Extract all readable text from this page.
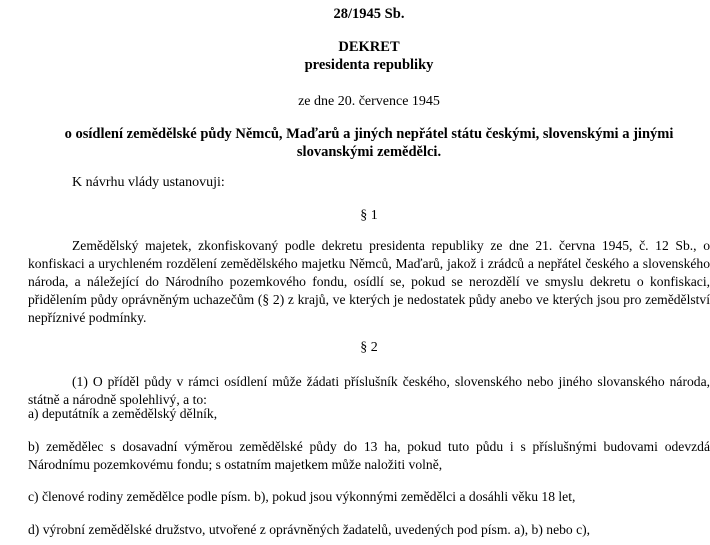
28/1945 Sb.
DEKRET
presidenta republiky
ze dne 20. července 1945
o osídlení zemědělské půdy Němců, Maďarů a jiných nepřátel státu českými, slovenskými a jinými slovanskými zemědělci.
K návrhu vlády ustanovuji:
§ 1
Zemědělský majetek, zkonfiskovaný podle dekretu presidenta republiky ze dne 21. června 1945, č. 12 Sb., o konfiskaci a urychleném rozdělení zemědělského majetku Němců, Maďarů, jakož i zrádců a nepřátel českého a slovenského národa, a náležející do Národního pozemkového fondu, osídlí se, pokud se nerozdělí ve smyslu dekretu o konfiskaci, přidělením půdy oprávněným uchazečům (§ 2) z krajů, ve kterých je nedostatek půdy anebo ve kterých jsou pro zemědělství nepříznivé podmínky.
§ 2
(1) O příděl půdy v rámci osídlení může žádati příslušník českého, slovenského nebo jiného slovanského národa, státně a národně spolehlivý, a to:
a) deputátník a zemědělský dělník,
b) zemědělec s dosavadní výměrou zemědělské půdy do 13 ha, pokud tuto půdu i s příslušnými budovami odevzdá Národnímu pozemkovému fondu; s ostatním majetkem může naložiti volně,
c) členové rodiny zemědělce podle písm. b), pokud jsou výkonnými zemědělci a dosáhli věku 18 let,
d) výrobní zemědělské družstvo, utvořené z oprávněných žadatelů, uvedených pod písm. a), b) nebo c),
